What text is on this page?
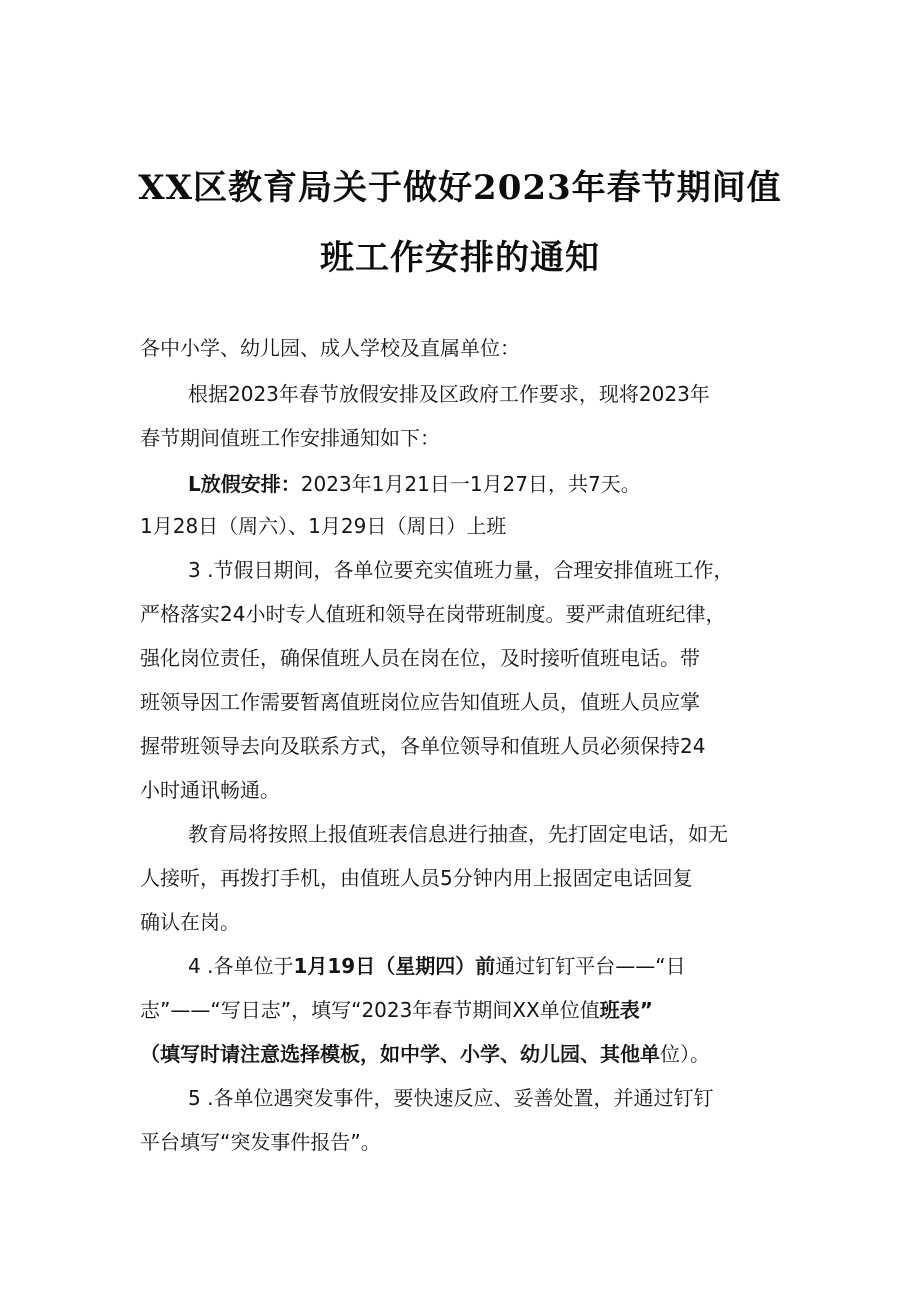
XX区教育局关于做好2023年春节期间值
班工作安排的通知
各中小学、幼儿园、成人学校及直属单位：
根据2023年春节放假安排及区政府工作要求，现将2023年
春节期间值班工作安排通知如下：
L放假安排：2023年1月21日一1月27日，共7天。
1月28日（周六）、1月29日（周日）上班
3 .节假日期间，各单位要充实值班力量，合理安排值班工作，
严格落实24小时专人值班和领导在岗带班制度。要严肃值班纪律，
强化岗位责任，确保值班人员在岗在位，及时接听值班电话。带
班领导因工作需要暂离值班岗位应告知值班人员，值班人员应掌
握带班领导去向及联系方式，各单位领导和值班人员必须保持24
小时通讯畅通。
教育局将按照上报值班表信息进行抽查，先打固定电话，如无
人接听，再拨打手机，由值班人员5分钟内用上报固定电话回复
确认在岗。
4 .各单位于1月19日（星期四）前通过钉钉平台——“日
志”——“写日志”，填写“2023年春节期间XX单位值班表”
（填写时请注意选择模板，如中学、小学、幼儿园、其他单位）。
5 .各单位遇突发事件，要快速反应、妥善处置，并通过钉钉
平台填写“突发事件报告”。
